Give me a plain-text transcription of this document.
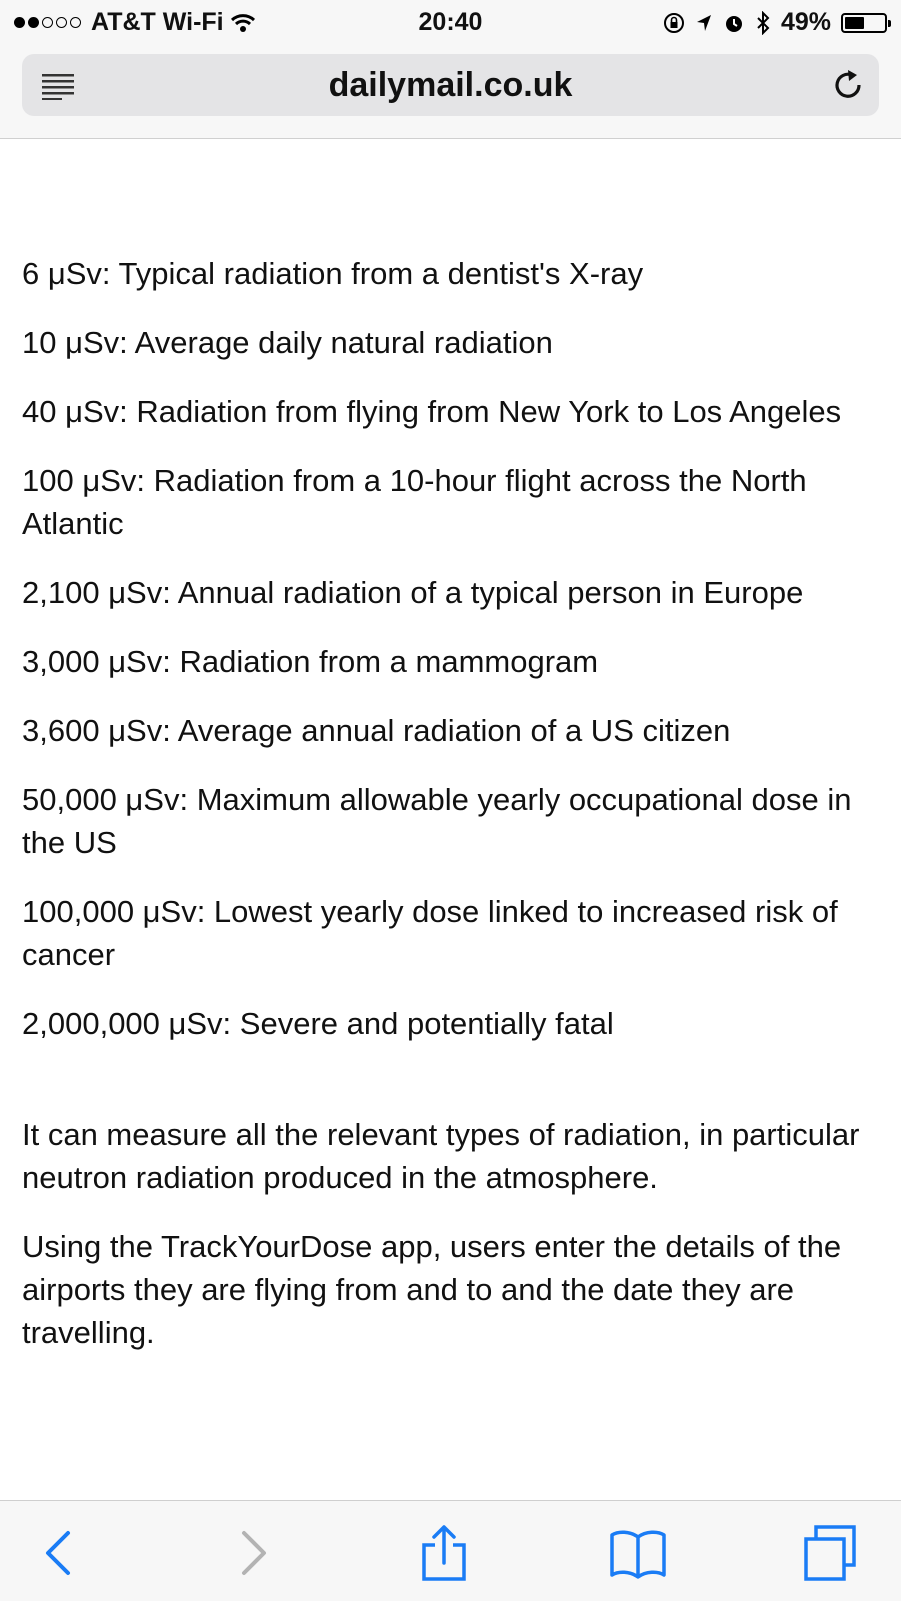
AT&T Wi-Fi	20:40	49%
dailymail.co.uk

6 μSv: Typical radiation from a dentist's X-ray

10 μSv: Average daily natural radiation

40 μSv: Radiation from flying from New York to Los Angeles

100 μSv: Radiation from a 10-hour flight across the North Atlantic

2,100 μSv: Annual radiation of a typical person in Europe

3,000 μSv: Radiation from a mammogram

3,600 μSv: Average annual radiation of a US citizen

50,000 μSv: Maximum allowable yearly occupational dose in the US

100,000 μSv: Lowest yearly dose linked to increased risk of cancer

2,000,000 μSv: Severe and potentially fatal

It can measure all the relevant types of radiation, in particular neutron radiation produced in the atmosphere.

Using the TrackYourDose app, users enter the details of the airports they are flying from and to and the date they are travelling.
